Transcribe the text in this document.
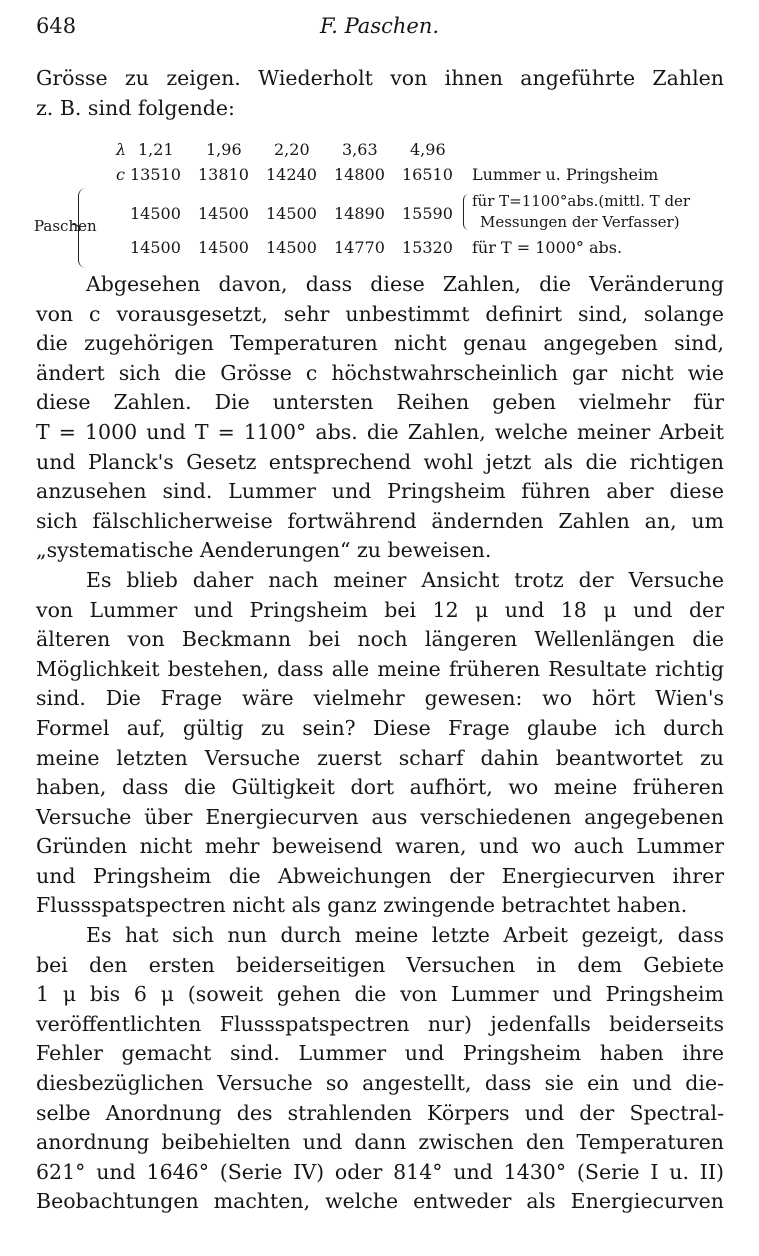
648	F. Paschen.
Grösse zu zeigen. Wiederholt von ihnen angeführte Zahlen
z. B. sind folgende:
λ 1,21 1,96 2,20 3,63 4,96
c 13510 13810 14240 14800 16510 Lummer u. Pringsheim
Paschen
14500 14500 14500 14890 15590
für T=1100°abs.(mittl. T der
Messungen der Verfasser)
14500 14500 14500 14770 15320 für T = 1000° abs.
Abgesehen davon, dass diese Zahlen, die Veränderung
von c vorausgesetzt, sehr unbestimmt definirt sind, solange
die zugehörigen Temperaturen nicht genau angegeben sind,
ändert sich die Grösse c höchstwahrscheinlich gar nicht wie
diese Zahlen. Die untersten Reihen geben vielmehr für
T = 1000 und T = 1100° abs. die Zahlen, welche meiner Arbeit
und Planck's Gesetz entsprechend wohl jetzt als die richtigen
anzusehen sind. Lummer und Pringsheim führen aber diese
sich fälschlicherweise fortwährend ändernden Zahlen an, um
„systematische Aenderungen“ zu beweisen.
Es blieb daher nach meiner Ansicht trotz der Versuche
von Lummer und Pringsheim bei 12 μ und 18 μ und der
älteren von Beckmann bei noch längeren Wellenlängen die
Möglichkeit bestehen, dass alle meine früheren Resultate richtig
sind. Die Frage wäre vielmehr gewesen: wo hört Wien's
Formel auf, gültig zu sein? Diese Frage glaube ich durch
meine letzten Versuche zuerst scharf dahin beantwortet zu
haben, dass die Gültigkeit dort aufhört, wo meine früheren
Versuche über Energiecurven aus verschiedenen angegebenen
Gründen nicht mehr beweisend waren, und wo auch Lummer
und Pringsheim die Abweichungen der Energiecurven ihrer
Flussspatspectren nicht als ganz zwingende betrachtet haben.
Es hat sich nun durch meine letzte Arbeit gezeigt, dass
bei den ersten beiderseitigen Versuchen in dem Gebiete
1 μ bis 6 μ (soweit gehen die von Lummer und Pringsheim
veröffentlichten Flussspatspectren nur) jedenfalls beiderseits
Fehler gemacht sind. Lummer und Pringsheim haben ihre
diesbezüglichen Versuche so angestellt, dass sie ein und die-
selbe Anordnung des strahlenden Körpers und der Spectral-
anordnung beibehielten und dann zwischen den Temperaturen
621° und 1646° (Serie IV) oder 814° und 1430° (Serie I u. II)
Beobachtungen machten, welche entweder als Energiecurven
